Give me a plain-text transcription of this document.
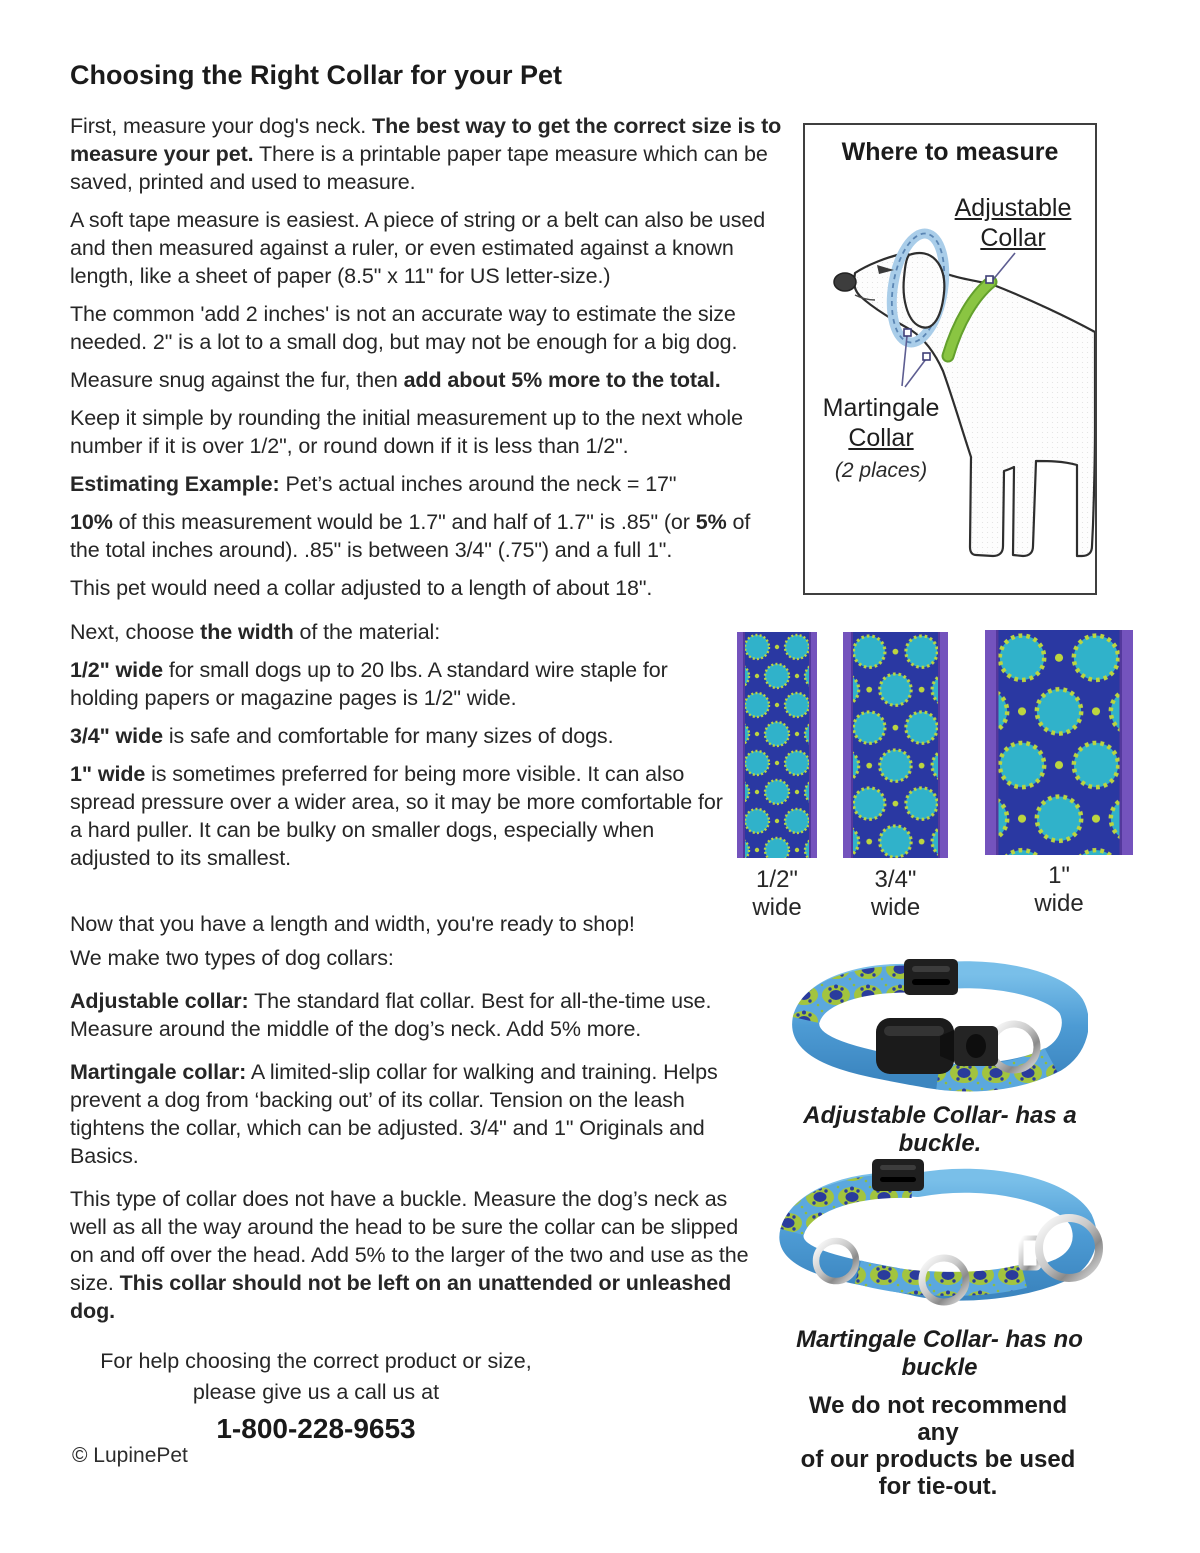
Choosing the Right Collar for your Pet

First, measure your dog's neck. The best way to get the correct size is to measure your pet. There is a printable paper tape measure which can be saved, printed and used to measure.

A soft tape measure is easiest. A piece of string or a belt can also be used and then measured against a ruler, or even estimated against a known length, like a sheet of paper (8.5" x 11" for US letter-size.)

The common 'add 2 inches' is not an accurate way to estimate the size needed. 2" is a lot to a small dog, but may not be enough for a big dog.

Measure snug against the fur, then add about 5% more to the total.

Keep it simple by rounding the initial measurement up to the next whole number if it is over 1/2", or round down if it is less than 1/2".

Estimating Example: Pet’s actual inches around the neck = 17"

10% of this measurement would be 1.7" and half of 1.7" is .85" (or 5% of the total inches around). .85" is between 3/4" (.75") and a full 1".

This pet would need a collar adjusted to a length of about 18".

Where to measure
Adjustable
Collar
Martingale
Collar
(2 places)

Next, choose the width of the material:

1/2" wide for small dogs up to 20 lbs. A standard wire staple for holding papers or magazine pages is 1/2" wide.

3/4" wide is safe and comfortable for many sizes of dogs.

1" wide is sometimes preferred for being more visible. It can also spread pressure over a wider area, so it may be more comfortable for a hard puller. It can be bulky on smaller dogs, especially when adjusted to its smallest.

Now that you have a length and width, you're ready to shop!

1/2"
wide
3/4"
wide
1"
wide

We make two types of dog collars:

Adjustable collar: The standard flat collar. Best for all-the-time use. Measure around the middle of the dog’s neck. Add 5% more.

Martingale collar: A limited-slip collar for walking and training. Helps prevent a dog from ‘backing out’ of its collar. Tension on the leash tightens the collar, which can be adjusted. 3/4" and 1" Originals and Basics.

This type of collar does not have a buckle. Measure the dog’s neck as well as all the way around the head to be sure the collar can be slipped on and off over the head. Add 5% to the larger of the two and use as the size. This collar should not be left on an unattended or unleashed dog.

Adjustable Collar- has a buckle.
Martingale Collar- has no buckle
We do not recommend any
of our products be used
for tie-out.
For help choosing the correct product or size,
please give us a call us at
1-800-228-9653
© LupinePet
